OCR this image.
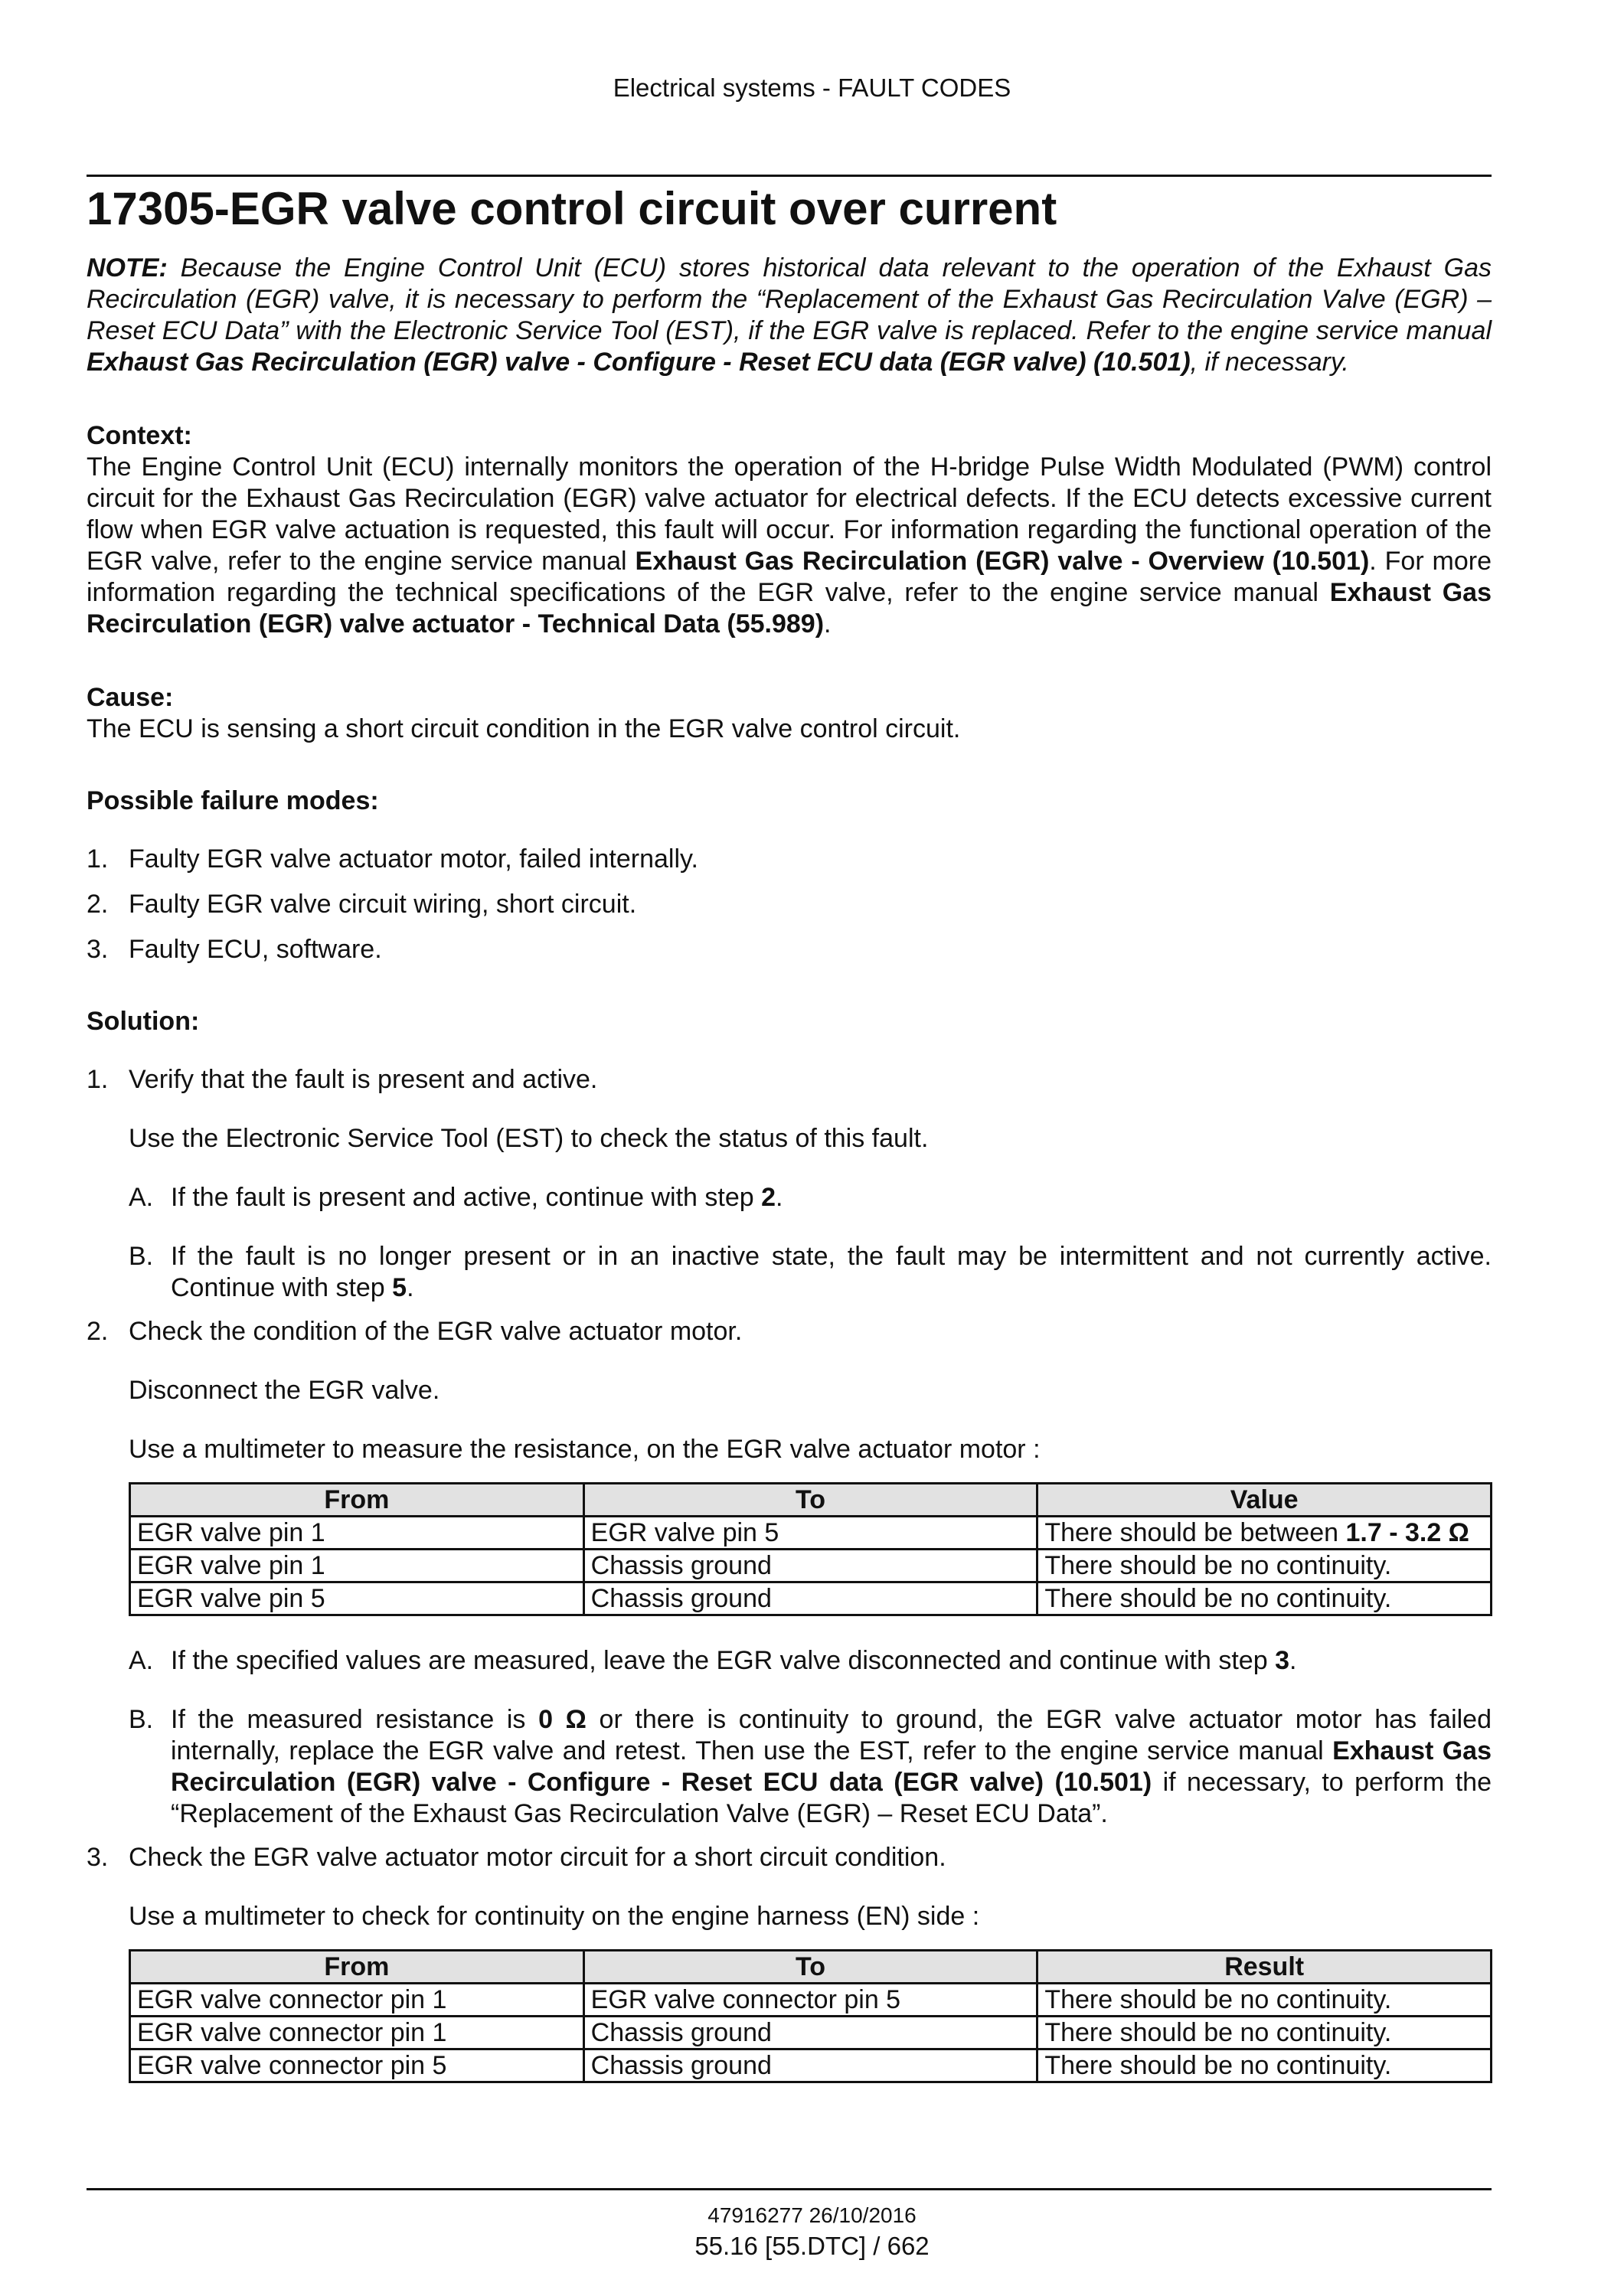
Electrical systems - FAULT CODES
17305-EGR valve control circuit over current
NOTE: Because the Engine Control Unit (ECU) stores historical data relevant to the operation of the Exhaust Gas Recirculation (EGR) valve, it is necessary to perform the “Replacement of the Exhaust Gas Recirculation Valve (EGR) – Reset ECU Data” with the Electronic Service Tool (EST), if the EGR valve is replaced. Refer to the engine service manual Exhaust Gas Recirculation (EGR) valve - Configure - Reset ECU data (EGR valve) (10.501), if necessary.

Context:

The Engine Control Unit (ECU) internally monitors the operation of the H-bridge Pulse Width Modulated (PWM) control circuit for the Exhaust Gas Recirculation (EGR) valve actuator for electrical defects. If the ECU detects excessive current flow when EGR valve actuation is requested, this fault will occur. For information regarding the functional operation of the EGR valve, refer to the engine service manual Exhaust Gas Recirculation (EGR) valve - Overview (10.501). For more information regarding the technical specifications of the EGR valve, refer to the engine service manual Exhaust Gas Recirculation (EGR) valve actuator - Technical Data (55.989).

Cause:

The ECU is sensing a short circuit condition in the EGR valve control circuit.

Possible failure modes:

1. Faulty EGR valve actuator motor, failed internally.
2. Faulty EGR valve circuit wiring, short circuit.
3. Faulty ECU, software.

Solution:

1. Verify that the fault is present and active.
Use the Electronic Service Tool (EST) to check the status of this fault.
A. If the fault is present and active, continue with step 2.
B. If the fault is no longer present or in an inactive state, the fault may be intermittent and not currently active. Continue with step 5.
2. Check the condition of the EGR valve actuator motor.
Disconnect the EGR valve.
Use a multimeter to measure the resistance, on the EGR valve actuator motor :
From	To	Value
EGR valve pin 1	EGR valve pin 5	There should be between 1.7 - 3.2 Ω
EGR valve pin 1	Chassis ground	There should be no continuity.
EGR valve pin 5	Chassis ground	There should be no continuity.
A. If the specified values are measured, leave the EGR valve disconnected and continue with step 3.
B. If the measured resistance is 0 Ω or there is continuity to ground, the EGR valve actuator motor has failed internally, replace the EGR valve and retest. Then use the EST, refer to the engine service manual Exhaust Gas Recirculation (EGR) valve - Configure - Reset ECU data (EGR valve) (10.501) if necessary, to perform the “Replacement of the Exhaust Gas Recirculation Valve (EGR) – Reset ECU Data”.
3. Check the EGR valve actuator motor circuit for a short circuit condition.
Use a multimeter to check for continuity on the engine harness (EN) side :
From	To	Result
EGR valve connector pin 1	EGR valve connector pin 5	There should be no continuity.
EGR valve connector pin 1	Chassis ground	There should be no continuity.
EGR valve connector pin 5	Chassis ground	There should be no continuity.
47916277 26/10/2016
55.16 [55.DTC] / 662
